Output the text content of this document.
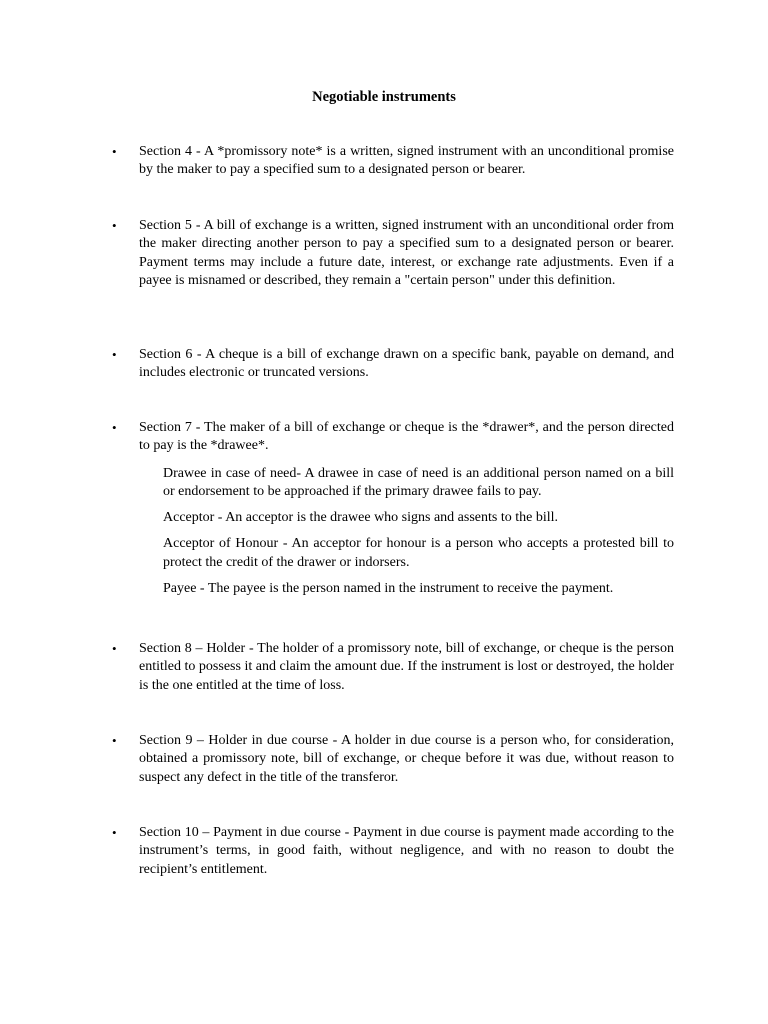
Negotiable instruments
•	Section 4 - A *promissory note* is a written, signed instrument with an unconditional promise by the maker to pay a specified sum to a designated person or bearer.

•	Section 5 - A bill of exchange is a written, signed instrument with an unconditional order from the maker directing another person to pay a specified sum to a designated person or bearer. Payment terms may include a future date, interest, or exchange rate adjustments. Even if a payee is misnamed or described, they remain a "certain person" under this definition.

•	Section 6 - A cheque is a bill of exchange drawn on a specific bank, payable on demand, and includes electronic or truncated versions.

•	Section 7 - The maker of a bill of exchange or cheque is the *drawer*, and the person directed to pay is the *drawee*.

Drawee in case of need- A drawee in case of need is an additional person named on a bill or endorsement to be approached if the primary drawee fails to pay.

Acceptor - An acceptor is the drawee who signs and assents to the bill.

Acceptor of Honour - An acceptor for honour is a person who accepts a protested bill to protect the credit of the drawer or indorsers.

Payee - The payee is the person named in the instrument to receive the payment.

•	Section 8 – Holder - The holder of a promissory note, bill of exchange, or cheque is the person entitled to possess it and claim the amount due. If the instrument is lost or destroyed, the holder is the one entitled at the time of loss.

•	Section 9 – Holder in due course - A holder in due course is a person who, for consideration, obtained a promissory note, bill of exchange, or cheque before it was due, without reason to suspect any defect in the title of the transferor.

•	Section 10 – Payment in due course - Payment in due course is payment made according to the instrument’s terms, in good faith, without negligence, and with no reason to doubt the recipient’s entitlement.
